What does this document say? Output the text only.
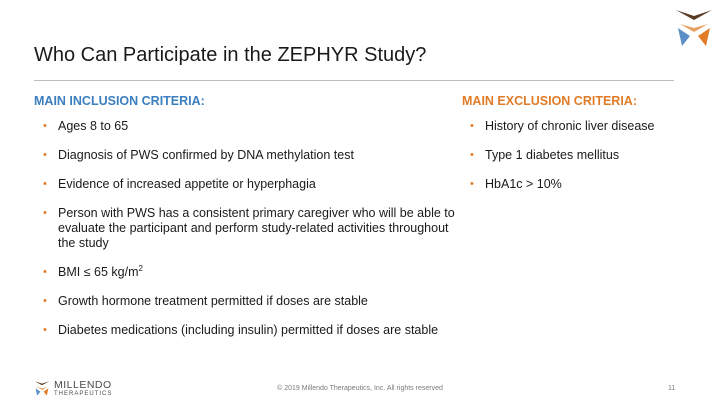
Who Can Participate in the ZEPHYR Study?
MAIN INCLUSION CRITERIA:	MAIN EXCLUSION CRITERIA:
• Ages 8 to 65
• Diagnosis of PWS confirmed by DNA methylation test
• Evidence of increased appetite or hyperphagia
• Person with PWS has a consistent primary caregiver who will be able to evaluate the participant and perform study-related activities throughout the study
• BMI ≤ 65 $kg/m^2$
• Growth hormone treatment permitted if doses are stable
• Diabetes medications (including insulin) permitted if doses are stable
• History of chronic liver disease
• Type 1 diabetes mellitus
• HbA1c > 10%
MILLENDO
THERAPEUTICS
© 2019 Millendo Therapeutics, Inc. All rights reserved	11
